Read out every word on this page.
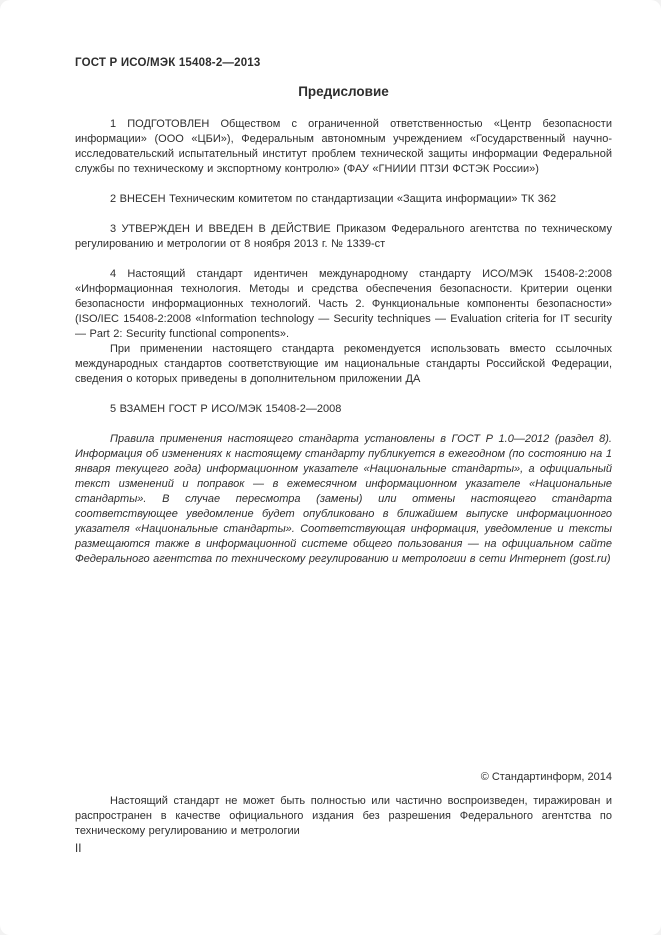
ГОСТ Р ИСО/МЭК 15408-2—2013
Предисловие

1 ПОДГОТОВЛЕН Обществом с ограниченной ответственностью «Центр безопасности информации» (ООО «ЦБИ»), Федеральным автономным учреждением «Государственный научно-исследовательский испытательный институт проблем технической защиты информации Федеральной службы по техническому и экспортному контролю» (ФАУ «ГНИИИ ПТЗИ ФСТЭК России»)

2 ВНЕСЕН Техническим комитетом по стандартизации «Защита информации» ТК 362

3 УТВЕРЖДЕН И ВВЕДЕН В ДЕЙСТВИЕ Приказом Федерального агентства по техническому регулированию и метрологии от 8 ноября 2013 г. № 1339-ст

4 Настоящий стандарт идентичен международному стандарту ИСО/МЭК 15408-2:2008 «Информационная технология. Методы и средства обеспечения безопасности. Критерии оценки безопасности информационных технологий. Часть 2. Функциональные компоненты безопасности» (ISO/IEC 15408-2:2008 «Information technology — Security techniques — Evaluation criteria for IT security — Part 2: Security functional components».

При применении настоящего стандарта рекомендуется использовать вместо ссылочных международных стандартов соответствующие им национальные стандарты Российской Федерации, сведения о которых приведены в дополнительном приложении ДА

5 ВЗАМЕН ГОСТ Р ИСО/МЭК 15408-2—2008

Правила применения настоящего стандарта установлены в ГОСТ Р 1.0—2012 (раздел 8). Информация об изменениях к настоящему стандарту публикуется в ежегодном (по состоянию на 1 января текущего года) информационном указателе «Национальные стандарты», а официальный текст изменений и поправок — в ежемесячном информационном указателе «Национальные стандарты». В случае пересмотра (замены) или отмены настоящего стандарта соответствующее уведомление будет опубликовано в ближайшем выпуске информационного указателя «Национальные стандарты». Соответствующая информация, уведомление и тексты размещаются также в информационной системе общего пользования — на официальном сайте Федерального агентства по техническому регулированию и метрологии в сети Интернет (gost.ru)

© Стандартинформ, 2014

Настоящий стандарт не может быть полностью или частично воспроизведен, тиражирован и распространен в качестве официального издания без разрешения Федерального агентства по техническому регулированию и метрологии

II
